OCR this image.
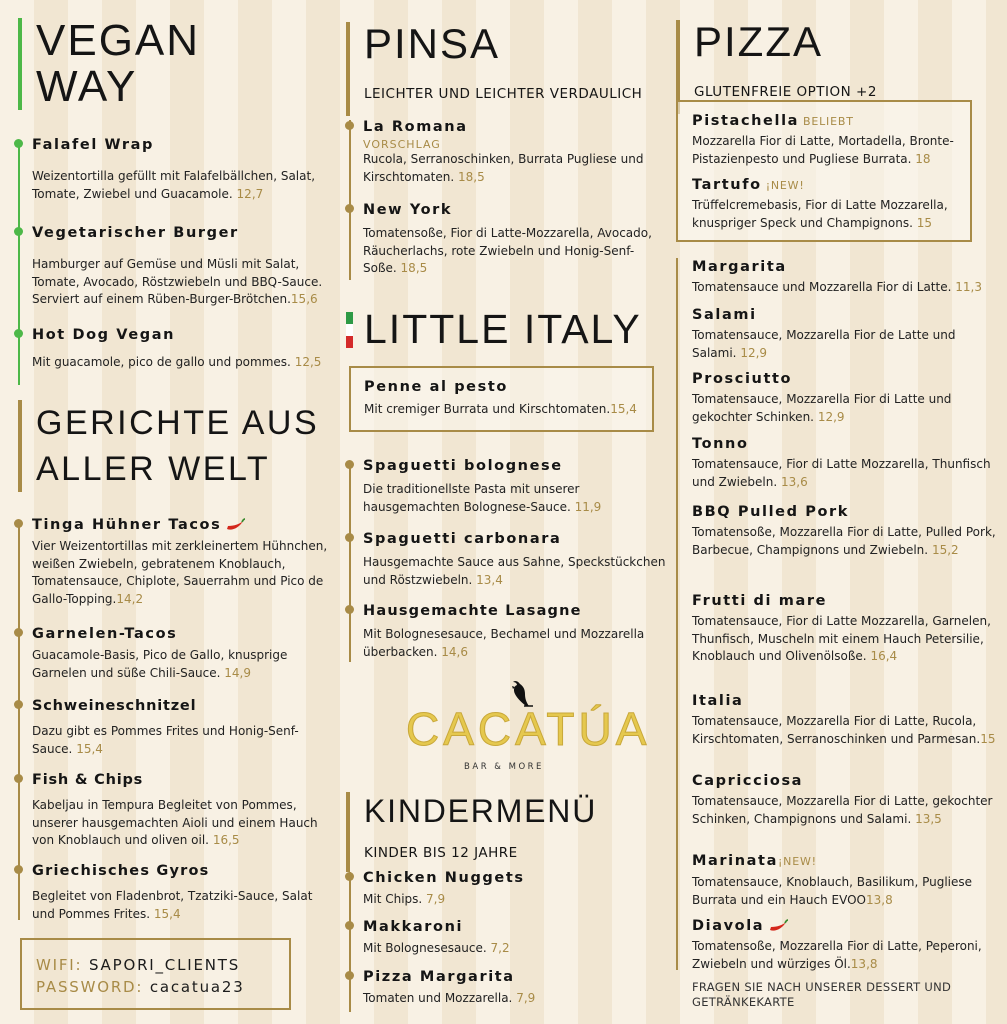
VEGAN
WAY
Falafel Wrap
Weizentortilla gefüllt mit Falafelbällchen, Salat, Tomate, Zwiebel und Guacamole. 12,7
Vegetarischer Burger
Hamburger auf Gemüse und Müsli mit Salat, Tomate, Avocado, Röstzwiebeln und BBQ-Sauce. Serviert auf einem Rüben-Burger-Brötchen.15,6
Hot Dog Vegan
Mit guacamole, pico de gallo und pommes. 12,5
GERICHTE AUS
ALLER WELT
Tinga Hühner Tacos
Vier Weizentortillas mit zerkleinertem Hühnchen, weißen Zwiebeln, gebratenem Knoblauch, Tomatensauce, Chiplote, Sauerrahm und Pico de Gallo-Topping.14,2
Garnelen-Tacos
Guacamole-Basis, Pico de Gallo, knusprige Garnelen und süße Chili-Sauce. 14,9
Schweineschnitzel
Dazu gibt es Pommes Frites und Honig-Senf-Sauce. 15,4
Fish & Chips
Kabeljau in Tempura Begleitet von Pommes, unserer hausgemachten Aioli und einem Hauch von Knoblauch und oliven oil. 16,5
Griechisches Gyros
Begleitet von Fladenbrot, Tzatziki-Sauce, Salat und Pommes Frites. 15,4
WIFI: SAPORI_CLIENTS
PASSWORD: cacatua23
PINSA
LEICHTER UND LEICHTER VERDAULICH
La Romana
VORSCHLAG
Rucola, Serranoschinken, Burrata Pugliese und Kirschtomaten. 18,5
New York
Tomatensoße, Fior di Latte-Mozzarella, Avocado, Räucherlachs, rote Zwiebeln und Honig-Senf-Soße. 18,5
LITTLE ITALY
Penne al pesto
Mit cremiger Burrata und Kirschtomaten.15,4
Spaguetti bolognese
Die traditionellste Pasta mit unserer hausgemachten Bolognese-Sauce. 11,9
Spaguetti carbonara
Hausgemachte Sauce aus Sahne, Speckstückchen und Röstzwiebeln. 13,4
Hausgemachte Lasagne
Mit Bolognesesauce, Bechamel und Mozzarella überbacken. 14,6
KINDERMENÜ
KINDER BIS 12 JAHRE
Chicken Nuggets
Mit Chips. 7,9
Makkaroni
Mit Bolognesesauce. 7,2
Pizza Margarita
Tomaten und Mozzarella. 7,9
CACATÚA
BAR & MORE
PIZZA
GLUTENFREIE OPTION +2
Pistachella BELIEBT
Mozzarella Fior di Latte, Mortadella, Bronte-Pistazienpesto und Pugliese Burrata. 18
Tartufo ¡NEW!
Trüffelcremebasis, Fior di Latte Mozzarella, knuspriger Speck und Champignons. 15
Margarita
Tomatensauce und Mozzarella Fior di Latte. 11,3
Salami
Tomatensauce, Mozzarella Fior de Latte und Salami. 12,9
Prosciutto
Tomatensauce, Mozzarella Fior di Latte und gekochter Schinken. 12,9
Tonno
Tomatensauce, Fior di Latte Mozzarella, Thunfisch und Zwiebeln. 13,6
BBQ Pulled Pork
Tomatensoße, Mozzarella Fior di Latte, Pulled Pork, Barbecue, Champignons und Zwiebeln. 15,2
Frutti di mare
Tomatensauce, Fior di Latte Mozzarella, Garnelen, Thunfisch, Muscheln mit einem Hauch Petersilie, Knoblauch und Olivenölsoße. 16,4
Italia
Tomatensauce, Mozzarella Fior di Latte, Rucola, Kirschtomaten, Serranoschinken und Parmesan.15
Capricciosa
Tomatensauce, Mozzarella Fior di Latte, gekochter Schinken, Champignons und Salami. 13,5
Marinata¡NEW!
Tomatensauce, Knoblauch, Basilikum, Pugliese Burrata und ein Hauch EVOO13,8
Diavola
Tomatensoße, Mozzarella Fior di Latte, Peperoni, Zwiebeln und würziges Öl.13,8
FRAGEN SIE NACH UNSERER DESSERT UND GETRÄNKEKARTE
